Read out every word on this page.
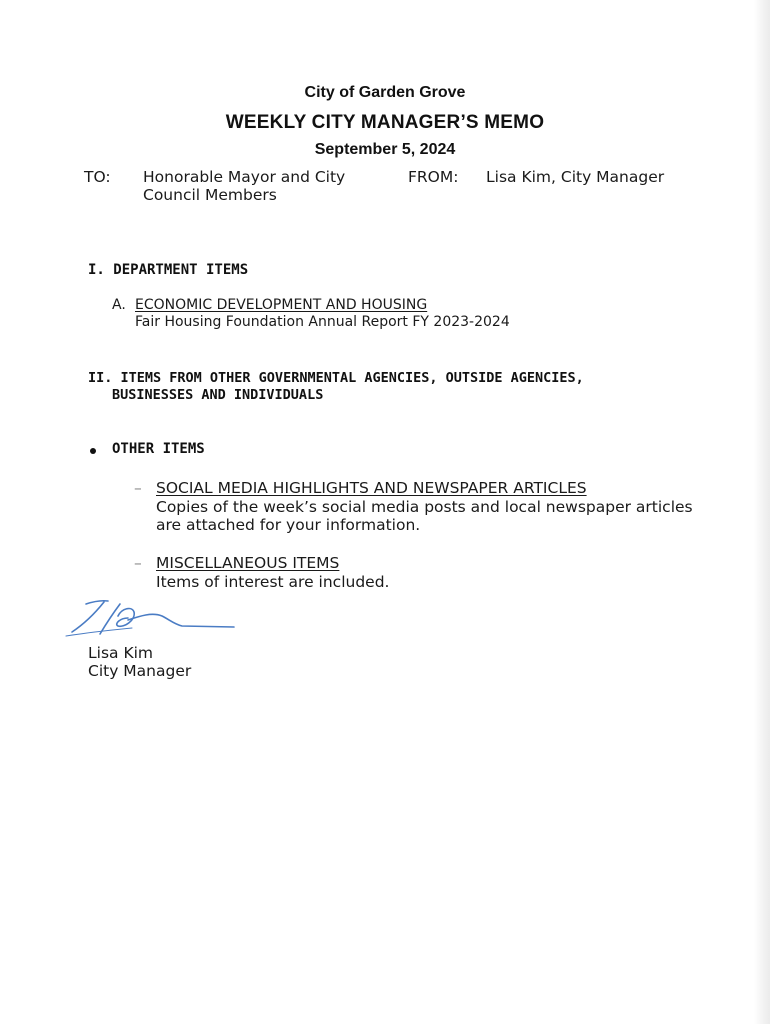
City of Garden Grove
WEEKLY CITY MANAGER’S MEMO
September 5, 2024
TO: Honorable Mayor and City
Council Members
FROM: Lisa Kim, City Manager
I. DEPARTMENT ITEMS
A. ECONOMIC DEVELOPMENT AND HOUSING
Fair Housing Foundation Annual Report FY 2023-2024
II. ITEMS FROM OTHER GOVERNMENTAL AGENCIES, OUTSIDE AGENCIES,
BUSINESSES AND INDIVIDUALS
OTHER ITEMS
– SOCIAL MEDIA HIGHLIGHTS AND NEWSPAPER ARTICLES
Copies of the week’s social media posts and local newspaper articles
are attached for your information.
– MISCELLANEOUS ITEMS
Items of interest are included.
Lisa Kim
City Manager
